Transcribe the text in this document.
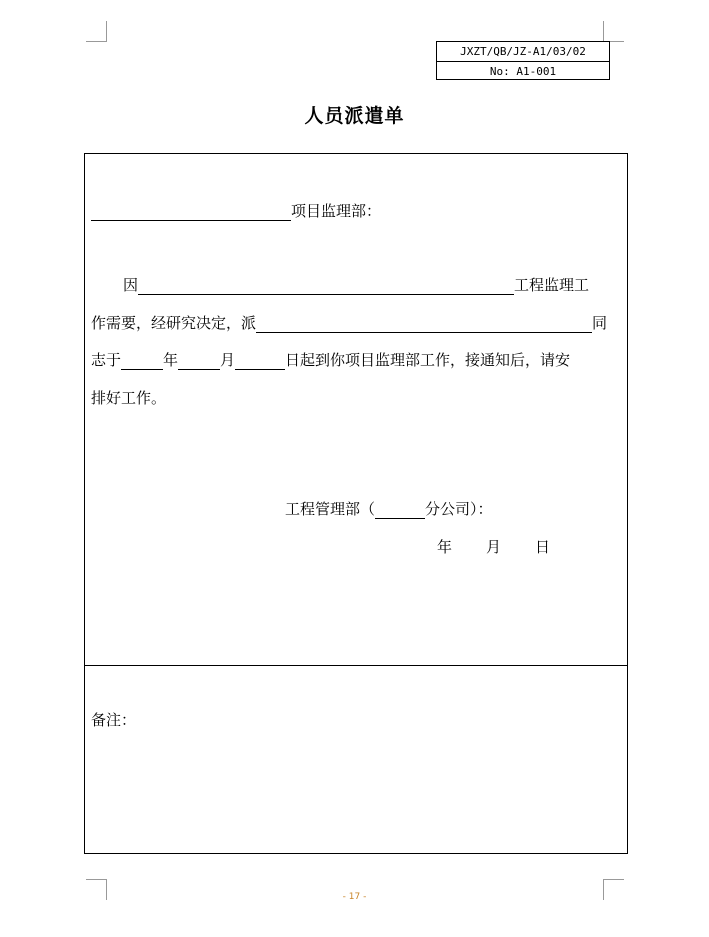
JXZT/QB/JZ-A1/03/02
No: A1-001
人员派遣单
项目监理部：
因	工程监理工
作需要，经研究决定，派	同
志于	年	月	日起到你项目监理部工作，接通知后，请安
排好工作。
工程管理部（	分公司）：
年 月 日
备注：
- 17 -
